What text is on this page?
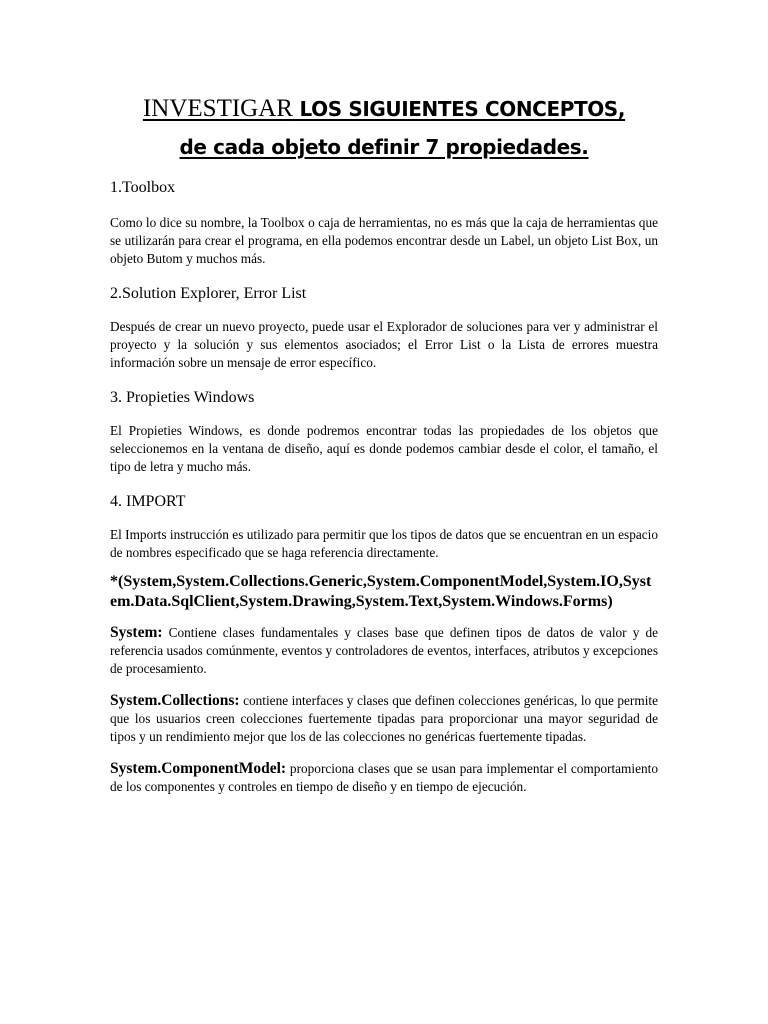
INVESTIGAR LOS SIGUIENTES CONCEPTOS,
de cada objeto definir 7 propiedades.
1.Toolbox

Como lo dice su nombre, la Toolbox o caja de herramientas, no es más que la caja de herramientas que se utilizarán para crear el programa, en ella podemos encontrar desde un Label, un objeto List Box, un objeto Butom y muchos más.

2.Solution Explorer, Error List

Después de crear un nuevo proyecto, puede usar el Explorador de soluciones para ver y administrar el proyecto y la solución y sus elementos asociados; el Error List o la Lista de errores muestra información sobre un mensaje de error específico.

3. Propieties Windows

El Propieties Windows, es donde podremos encontrar todas las propiedades de los objetos que seleccionemos en la ventana de diseño, aquí es donde podemos cambiar desde el color, el tamaño, el tipo de letra y mucho más.

4. IMPORT

El Imports instrucción es utilizado para permitir que los tipos de datos que se encuentran en un espacio de nombres especificado que se haga referencia directamente.

*(System,System.Collections.Generic,System.ComponentModel,System.IO,System.Data.SqlClient,System.Drawing,System.Text,System.Windows.Forms)

System: Contiene clases fundamentales y clases base que definen tipos de datos de valor y de referencia usados comúnmente, eventos y controladores de eventos, interfaces, atributos y excepciones de procesamiento.

System.Collections: contiene interfaces y clases que definen colecciones genéricas, lo que permite que los usuarios creen colecciones fuertemente tipadas para proporcionar una mayor seguridad de tipos y un rendimiento mejor que los de las colecciones no genéricas fuertemente tipadas.

System.ComponentModel: proporciona clases que se usan para implementar el comportamiento de los componentes y controles en tiempo de diseño y en tiempo de ejecución.
